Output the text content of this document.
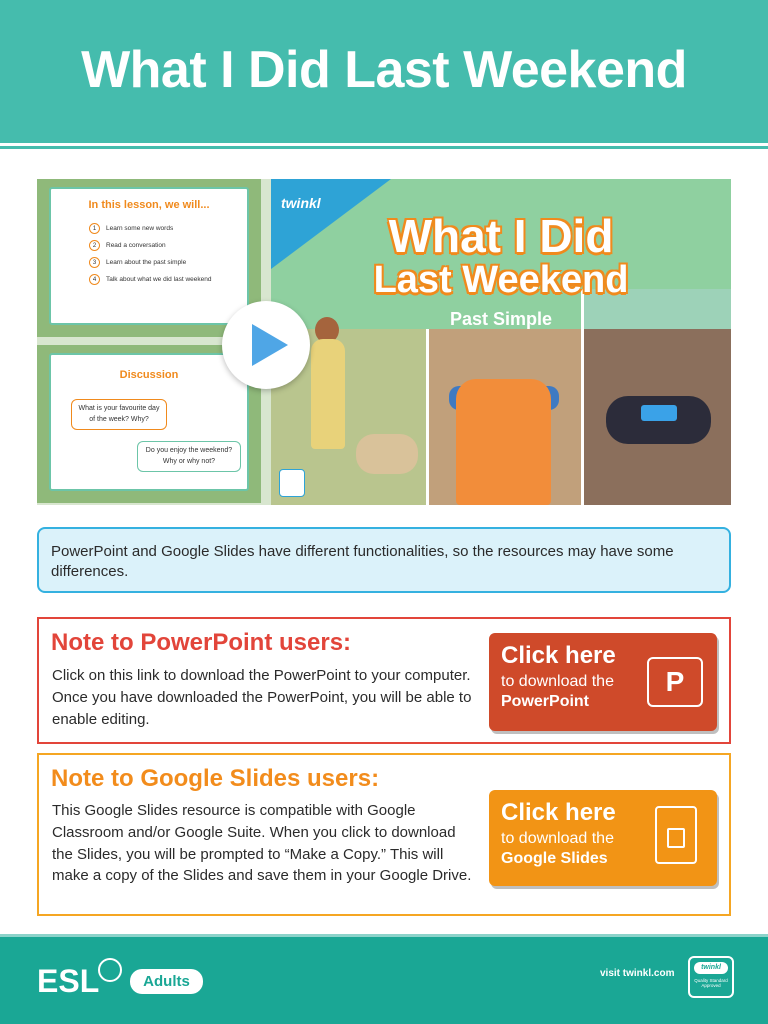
What I Did Last Weekend
In this lesson, we will...
1	Learn some new words
2	Read a conversation
3	Learn about the past simple
4	Talk about what we did last weekend
Discussion
What is your favourite day of the week? Why?
Do you enjoy the weekend? Why or why not?
twinkl
What I Did
Last Weekend
Past Simple
PowerPoint and Google Slides have different functionalities, so the resources may have some differences.
Note to PowerPoint users:
Click on this link to download the PowerPoint to your computer. Once you have downloaded the PowerPoint, you will be able to enable editing.
Click here
to download the
PowerPoint
P
Note to Google Slides users:
This Google Slides resource is compatible with Google Classroom and/or Google Suite. When you click to download the Slides, you will be prompted to “Make a Copy.” This will make a copy of the Slides and save them in your Google Drive.
Click here
to download the
Google Slides
ESL	Adults	visit twinkl.com
twinkl
Quality Standard Approved
